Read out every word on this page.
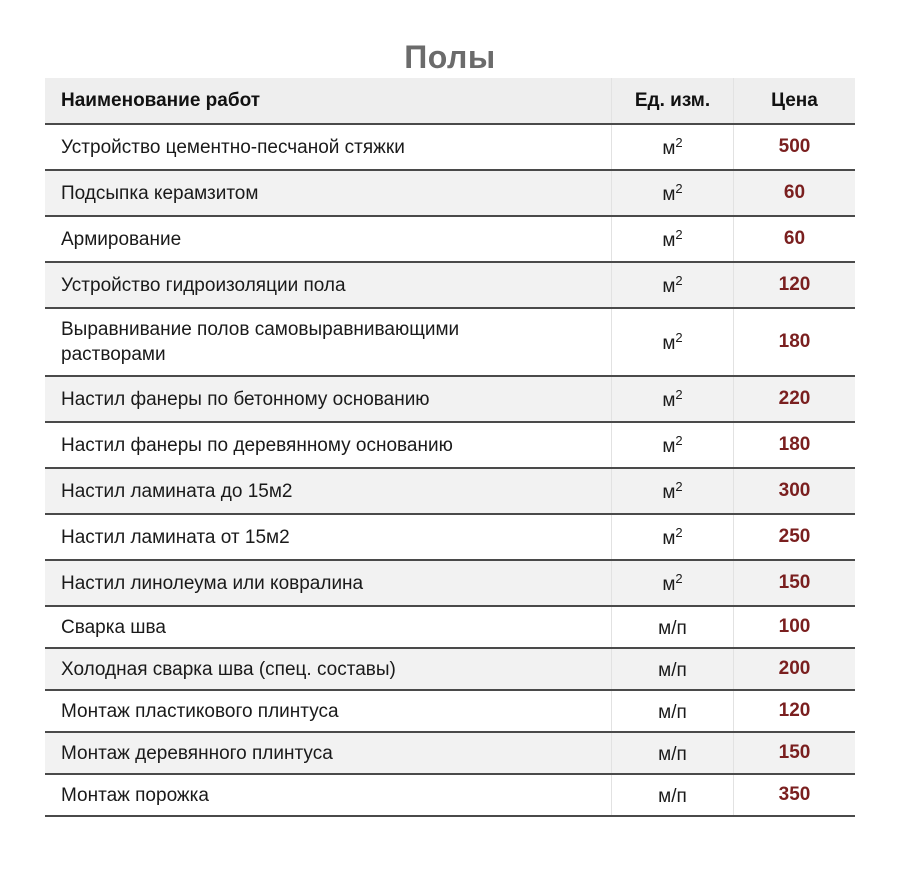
Полы
Наименование работ	Ед. изм.	Цена
Устройство цементно-песчаной стяжки	$м^2$	500
Подсыпка керамзитом	$м^2$	60
Армирование	$м^2$	60
Устройство гидроизоляции пола	$м^2$	120
Выравнивание полов самовыравнивающими растворами	$м^2$	180
Настил фанеры по бетонному основанию	$м^2$	220
Настил фанеры по деревянному основанию	$м^2$	180
Настил ламината до 15м2	$м^2$	300
Настил ламината от 15м2	$м^2$	250
Настил линолеума или ковралина	$м^2$	150
Сварка шва	м/п	100
Холодная сварка шва (спец. составы)	м/п	200
Монтаж пластикового плинтуса	м/п	120
Монтаж деревянного плинтуса	м/п	150
Монтаж порожка	м/п	350
